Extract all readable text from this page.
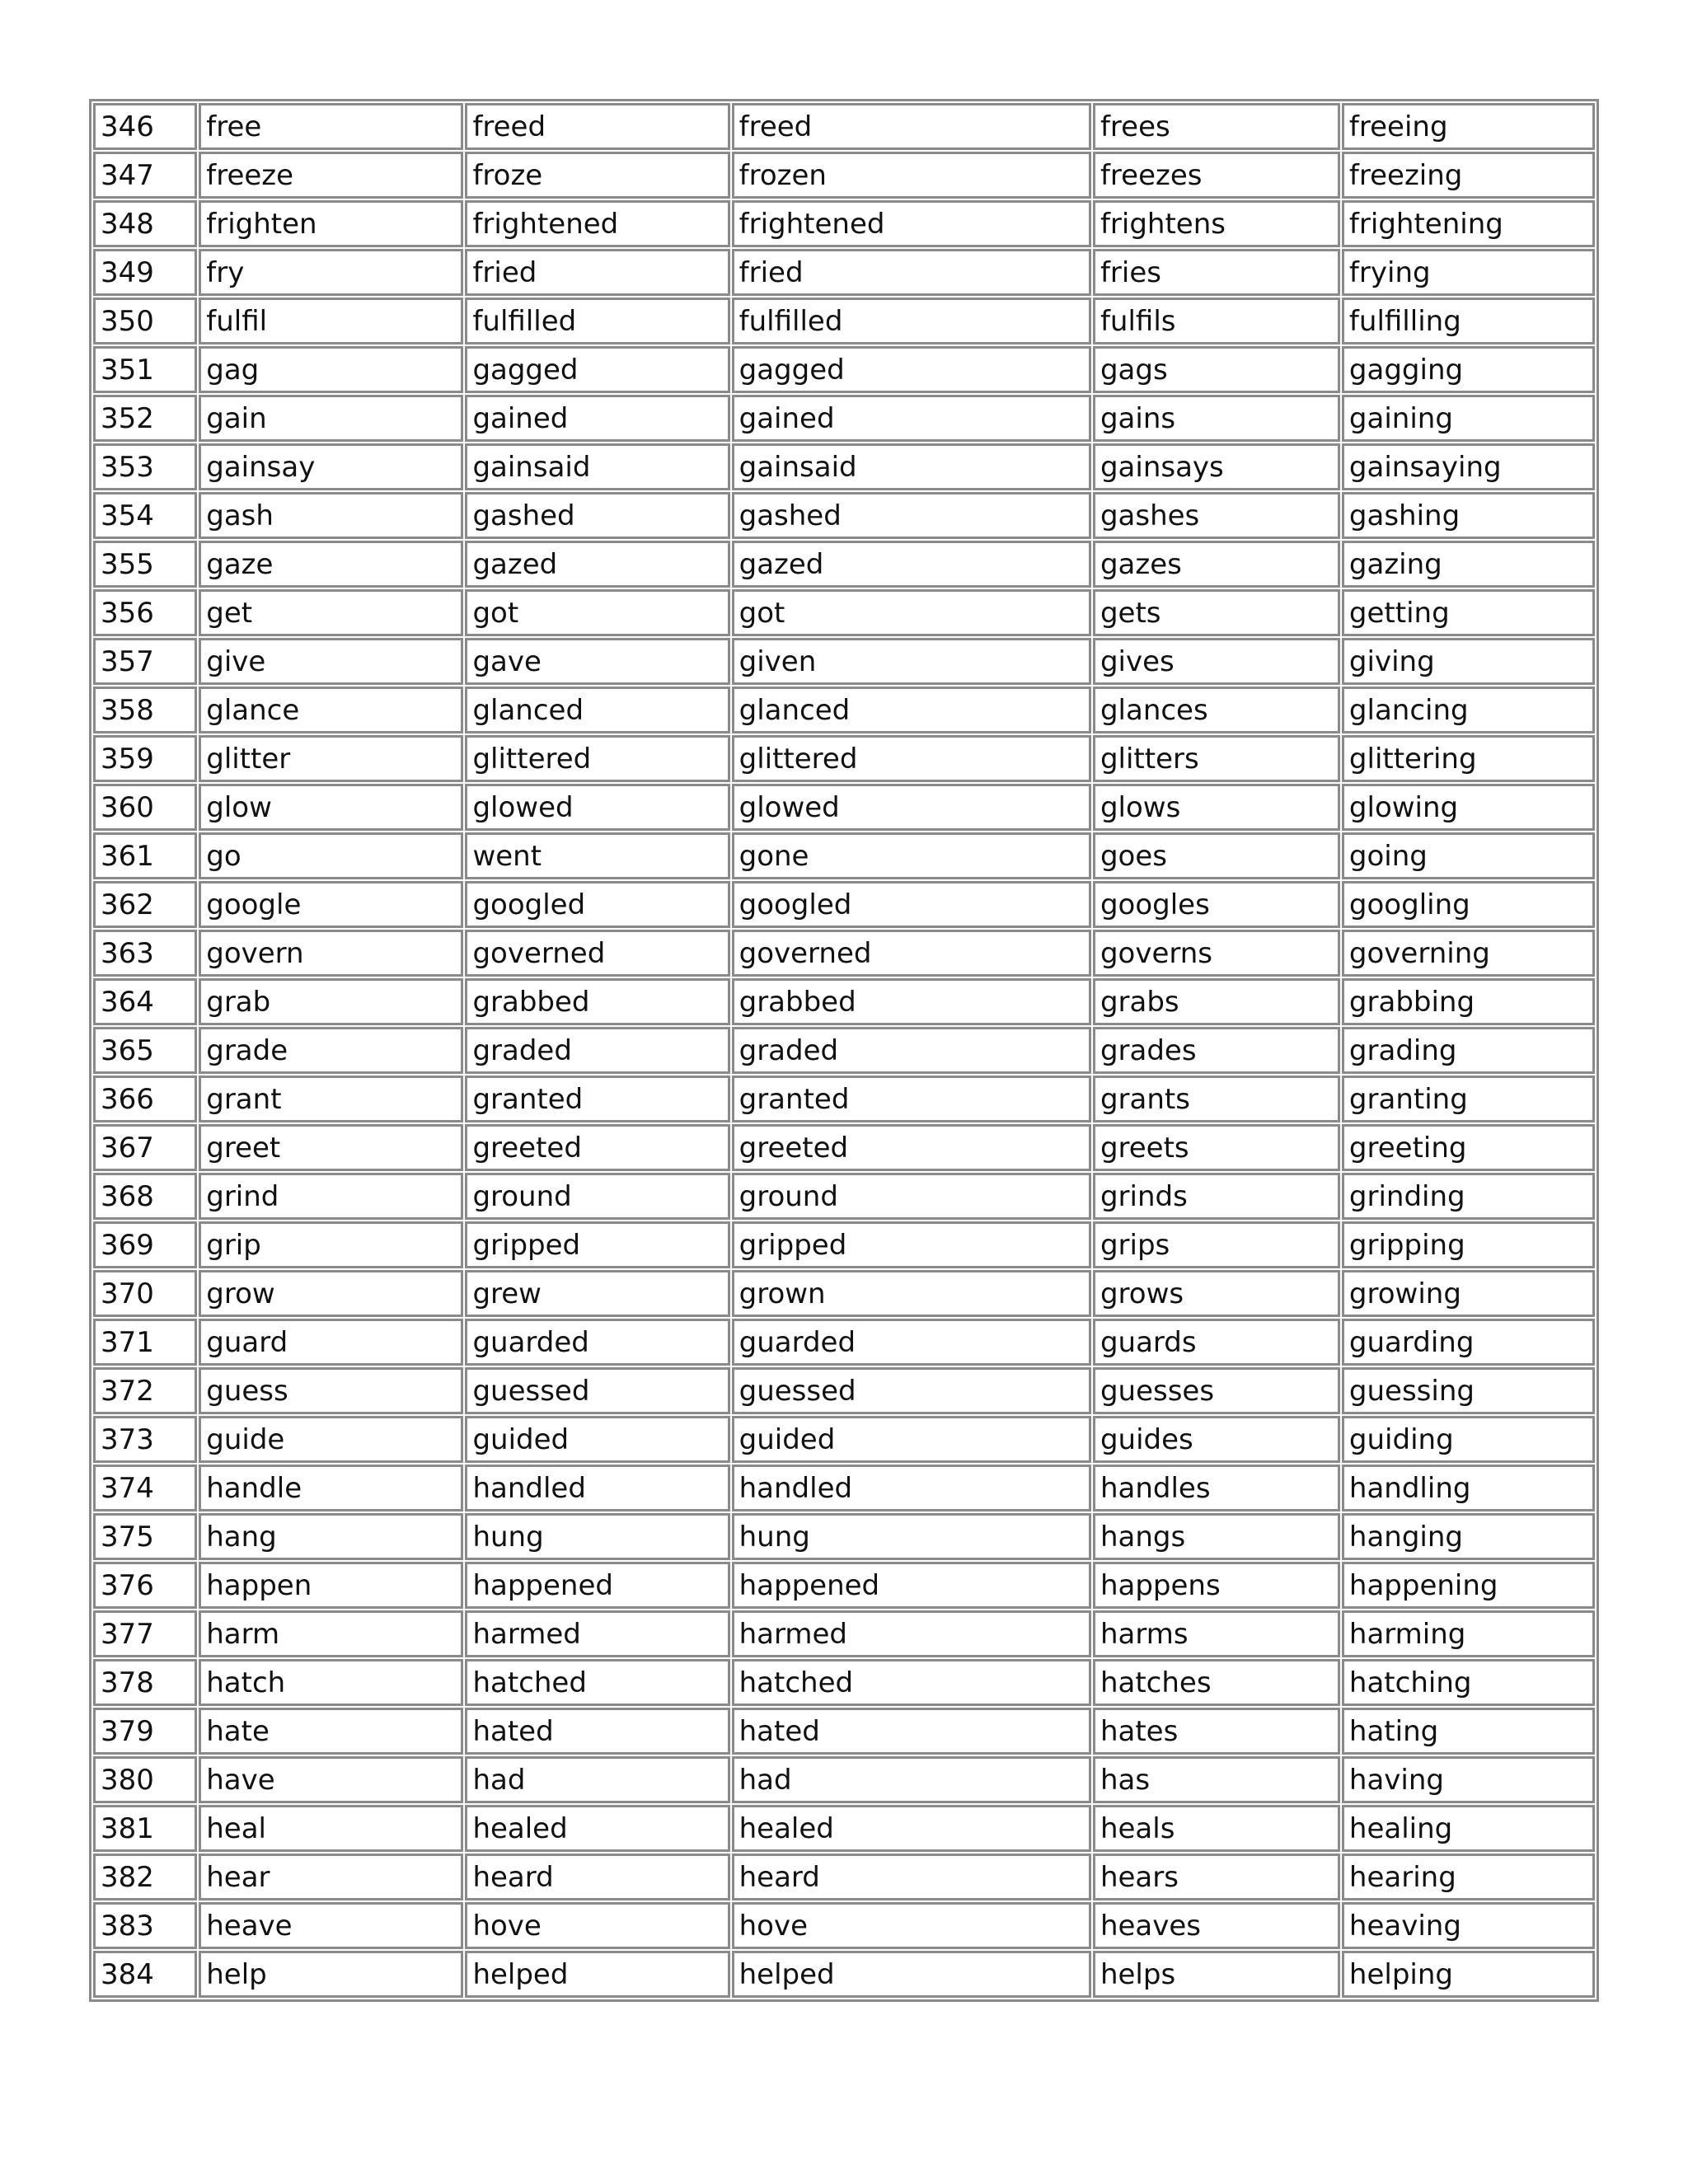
346	free	freed	freed	frees	freeing
347	freeze	froze	frozen	freezes	freezing
348	frighten	frightened	frightened	frightens	frightening
349	fry	fried	fried	fries	frying
350	fulfil	fulfilled	fulfilled	fulfils	fulfilling
351	gag	gagged	gagged	gags	gagging
352	gain	gained	gained	gains	gaining
353	gainsay	gainsaid	gainsaid	gainsays	gainsaying
354	gash	gashed	gashed	gashes	gashing
355	gaze	gazed	gazed	gazes	gazing
356	get	got	got	gets	getting
357	give	gave	given	gives	giving
358	glance	glanced	glanced	glances	glancing
359	glitter	glittered	glittered	glitters	glittering
360	glow	glowed	glowed	glows	glowing
361	go	went	gone	goes	going
362	google	googled	googled	googles	googling
363	govern	governed	governed	governs	governing
364	grab	grabbed	grabbed	grabs	grabbing
365	grade	graded	graded	grades	grading
366	grant	granted	granted	grants	granting
367	greet	greeted	greeted	greets	greeting
368	grind	ground	ground	grinds	grinding
369	grip	gripped	gripped	grips	gripping
370	grow	grew	grown	grows	growing
371	guard	guarded	guarded	guards	guarding
372	guess	guessed	guessed	guesses	guessing
373	guide	guided	guided	guides	guiding
374	handle	handled	handled	handles	handling
375	hang	hung	hung	hangs	hanging
376	happen	happened	happened	happens	happening
377	harm	harmed	harmed	harms	harming
378	hatch	hatched	hatched	hatches	hatching
379	hate	hated	hated	hates	hating
380	have	had	had	has	having
381	heal	healed	healed	heals	healing
382	hear	heard	heard	hears	hearing
383	heave	hove	hove	heaves	heaving
384	help	helped	helped	helps	helping
